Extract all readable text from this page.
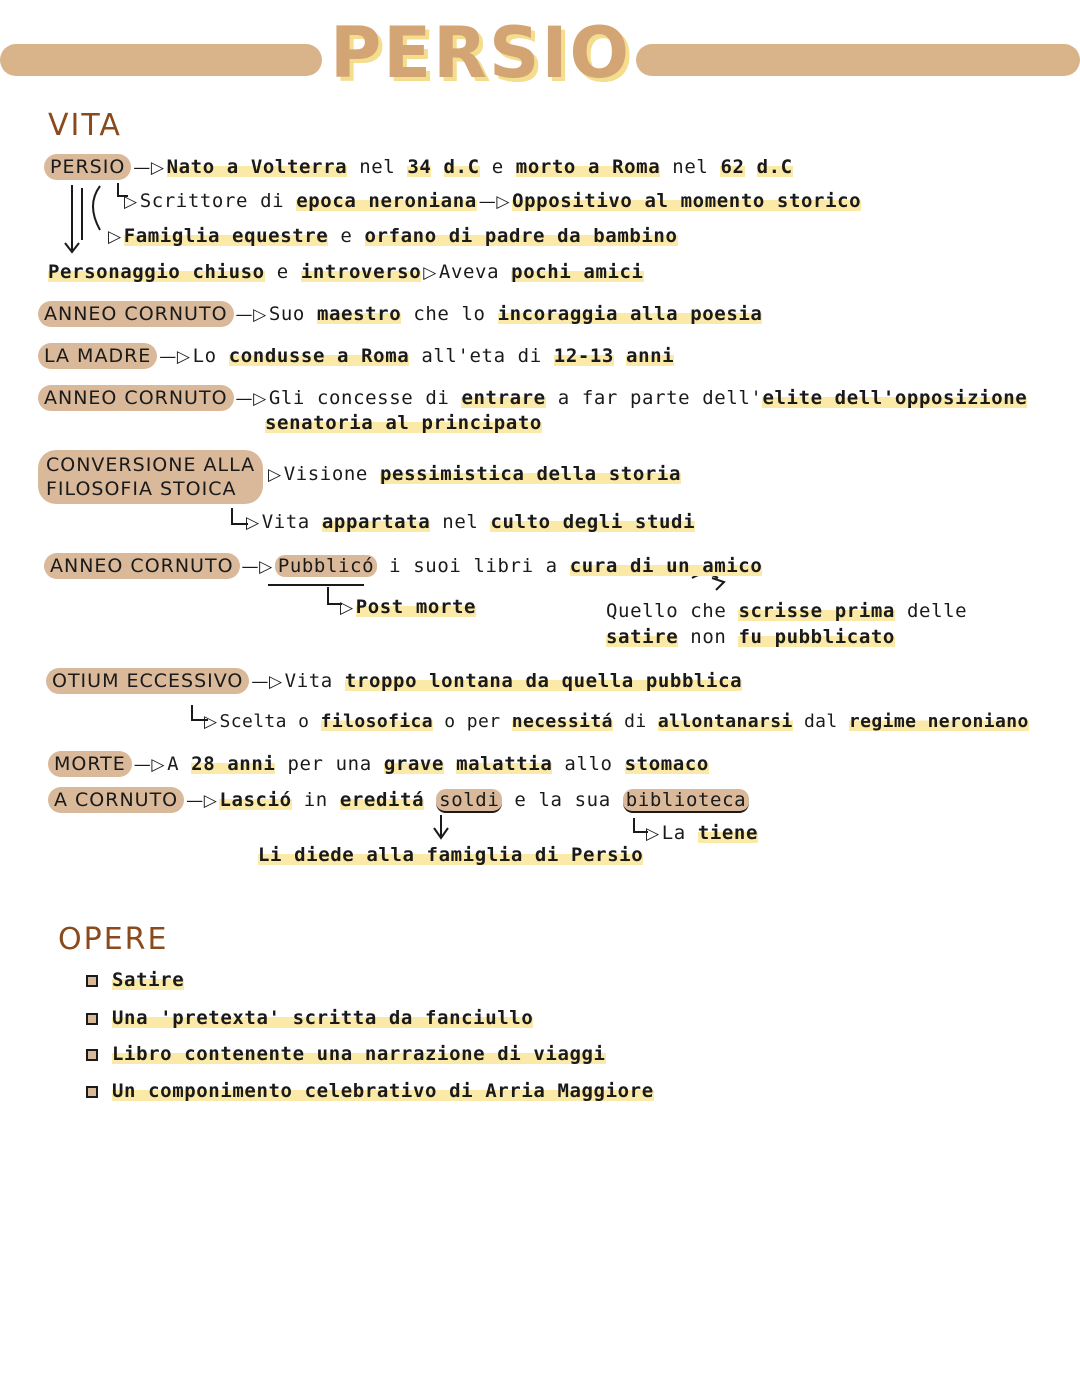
PERSIO
VITA
PERSIO —▷ Nato a Volterra nel 34 d.C e morto a Roma nel 62 d.C
▷ Scrittore di epoca neroniana —▷ Oppositivo al momento storico
▷ Famiglia equestre e orfano di padre da bambino
Personaggio chiuso e introverso ▷ Aveva pochi amici
ANNEO CORNUTO —▷ Suo maestro che lo incoraggia alla poesia
LA MADRE —▷ Lo condusse a Roma all'eta di 12-13 anni
ANNEO CORNUTO —▷ Gli concesse di entrare a far parte dell'elite dell'opposizione
senatoria al principato
CONVERSIONE ALLA
FILOSOFIA STOICA
▷ Visione pessimistica della storia
▷ Vita appartata nel culto degli studi
ANNEO CORNUTO —▷ Pubblicó i suoi libri a cura di un amico
▷ Post morte	Quello che scrisse prima delle
satire non fu pubblicato
OTIUM ECCESSIVO —▷ Vita troppo lontana da quella pubblica
▷ Scelta o filosofica o per necessitá di allontanarsi dal regime neroniano
MORTE —▷ A 28 anni per una grave malattia allo stomaco
A CORNUTO —▷ Lasció in ereditá soldi e la sua biblioteca
▷ La tiene
Li diede alla famiglia di Persio
OPERE
Satire
Una 'pretexta' scritta da fanciullo
Libro contenente una narrazione di viaggi
Un componimento celebrativo di Arria Maggiore
